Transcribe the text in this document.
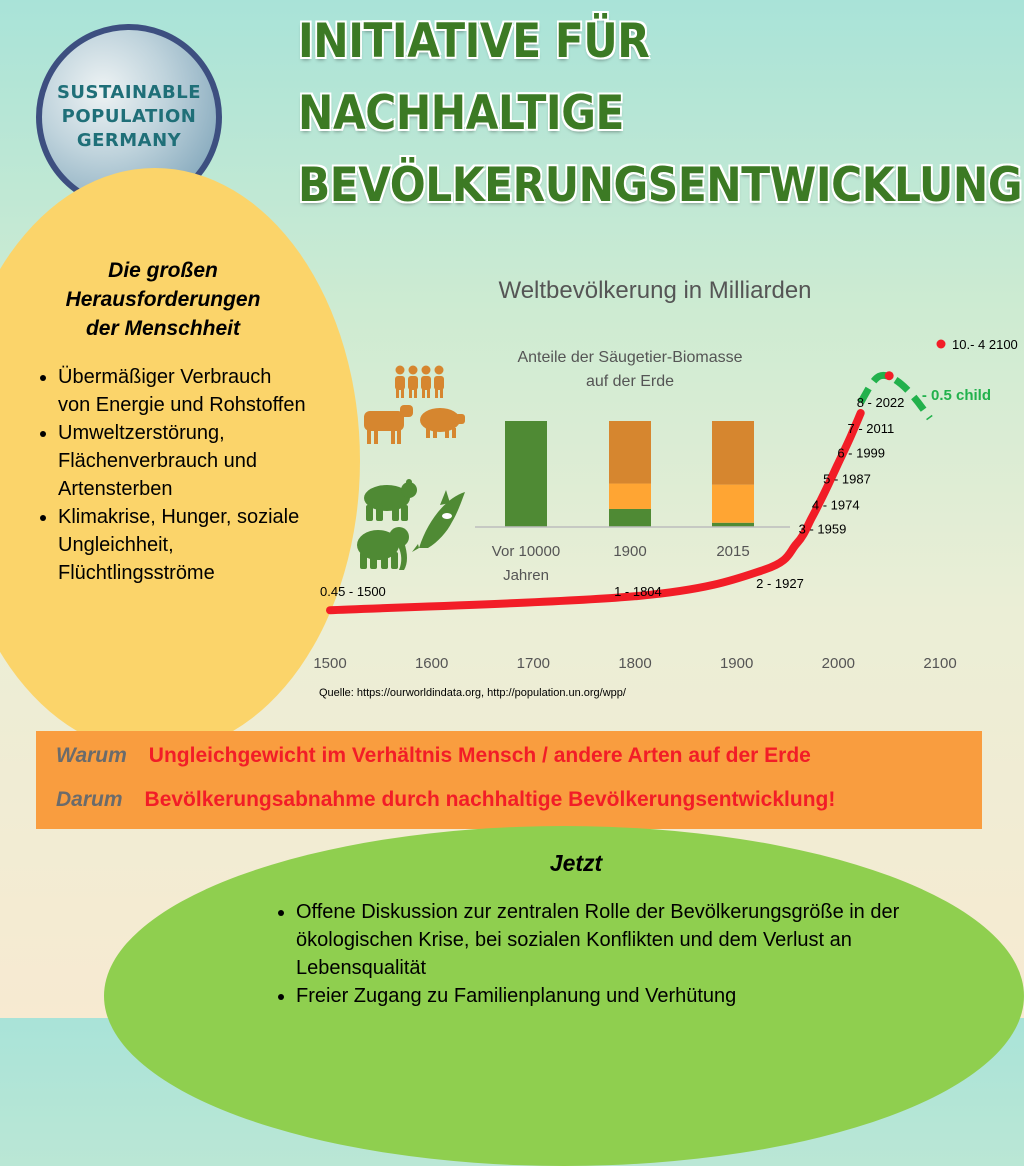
SUSTAINABLE
POPULATION
GERMANY
INITIATIVE FÜR
NACHHALTIGE
BEVÖLKERUNGSENTWICKLUNG
Die großen
Herausforderungen
der Menschheit
• Übermäßiger Verbrauch von Energie und Rohstoffen
• Umweltzerstörung, Flächenverbrauch und Artensterben
• Klimakrise, Hunger, soziale Ungleichheit, Flüchtlingsströme
Weltbevölkerung in Milliarden
Anteile der Säugetier-Biomasse
auf der Erde
Vor 10000
Jahren
1900	2015
- 0.5 child
0.45 - 1500	1 - 1804
2 - 1927
3 - 1959
4 - 1974
5 - 1987
6 - 1999
7 - 2011
8 - 2022
1500	1600	1700	1800	1900	2000	2100
10.- 4 2100
Quelle: https://ourworldindata.org, http://population.un.org/wpp/
Warum Ungleichgewicht im Verhältnis Mensch / andere Arten auf der Erde
Darum Bevölkerungsabnahme durch nachhaltige Bevölkerungsentwicklung!
Jetzt
• Offene Diskussion zur zentralen Rolle der Bevölkerungsgröße in der ökologischen Krise, bei sozialen Konflikten und dem Verlust an Lebensqualität
• Freier Zugang zu Familienplanung und Verhütung
